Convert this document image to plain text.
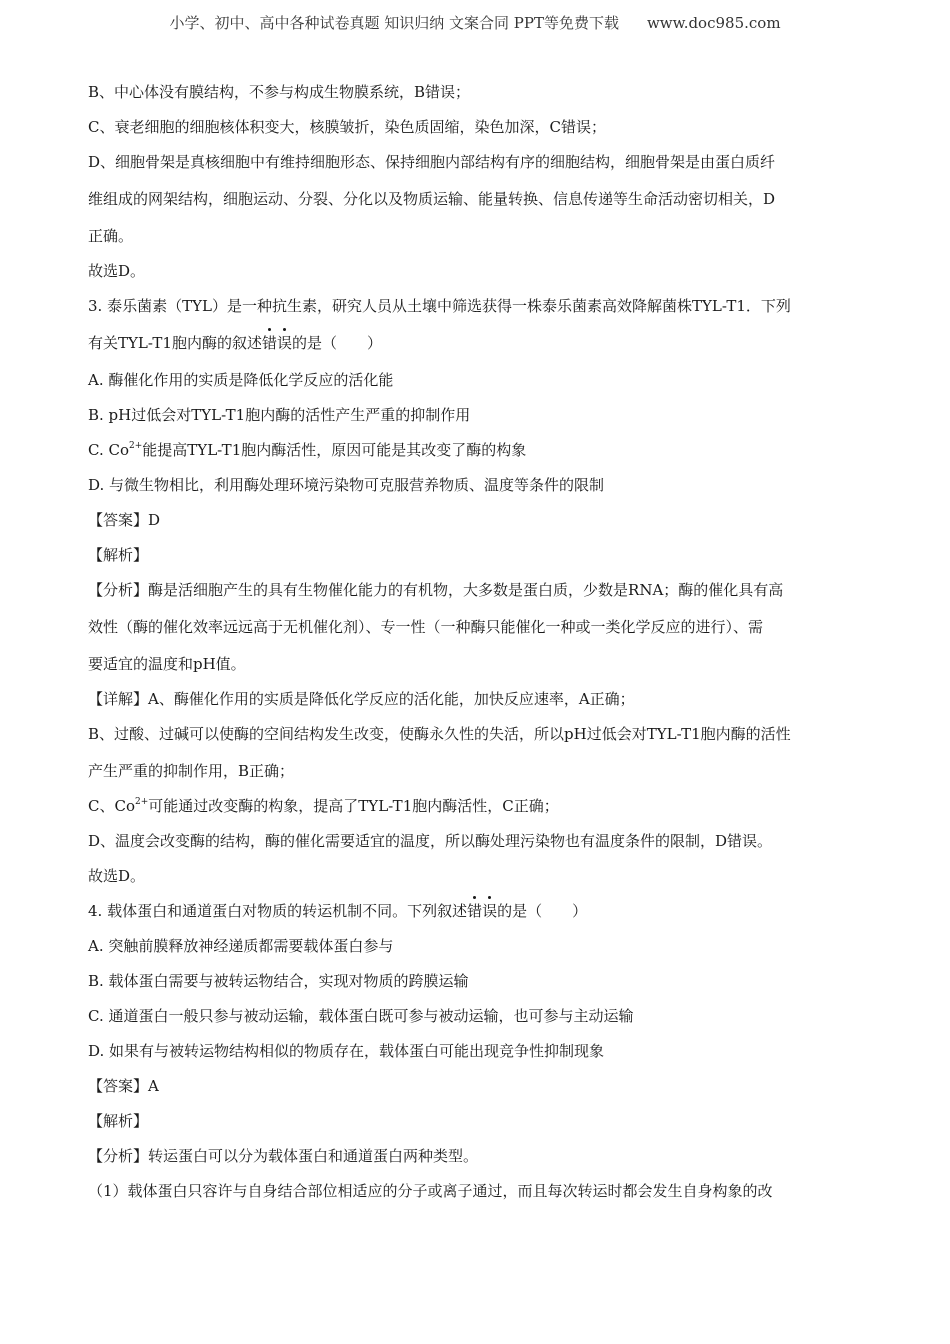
小学、初中、高中各种试卷真题 知识归纳 文案合同 PPT等免费下载 www.doc985.com
B、中心体没有膜结构，不参与构成生物膜系统，B错误；
C、衰老细胞的细胞核体积变大，核膜皱折，染色质固缩，染色加深，C错误；
D、细胞骨架是真核细胞中有维持细胞形态、保持细胞内部结构有序的细胞结构，细胞骨架是由蛋白质纤
维组成的网架结构，细胞运动、分裂、分化以及物质运输、能量转换、信息传递等生命活动密切相关，D
正确。
故选D。
3. 泰乐菌素（TYL）是一种抗生素，研究人员从土壤中筛选获得一株泰乐菌素高效降解菌株TYL-T1．下列
有关TYL-T1胞内酶的叙述错误的是（　　）
A. 酶催化作用的实质是降低化学反应的活化能
B. pH过低会对TYL-T1胞内酶的活性产生严重的抑制作用
C. $Co^{2+}$能提高TYL-T1胞内酶活性，原因可能是其改变了酶的构象
D. 与微生物相比，利用酶处理环境污染物可克服营养物质、温度等条件的限制
【答案】D
【解析】
【分析】酶是活细胞产生的具有生物催化能力的有机物，大多数是蛋白质，少数是RNA；酶的催化具有高
效性（酶的催化效率远远高于无机催化剂）、专一性（一种酶只能催化一种或一类化学反应的进行）、需
要适宜的温度和pH值。
【详解】A、酶催化作用的实质是降低化学反应的活化能，加快反应速率，A正确；
B、过酸、过碱可以使酶的空间结构发生改变，使酶永久性的失活，所以pH过低会对TYL-T1胞内酶的活性
产生严重的抑制作用，B正确；
C、$Co^{2+}$可能通过改变酶的构象，提高了TYL-T1胞内酶活性，C正确；
D、温度会改变酶的结构，酶的催化需要适宜的温度，所以酶处理污染物也有温度条件的限制，D错误。
故选D。
4. 载体蛋白和通道蛋白对物质的转运机制不同。下列叙述错误的是（　　）
A. 突触前膜释放神经递质都需要载体蛋白参与
B. 载体蛋白需要与被转运物结合，实现对物质的跨膜运输
C. 通道蛋白一般只参与被动运输，载体蛋白既可参与被动运输，也可参与主动运输
D. 如果有与被转运物结构相似的物质存在，载体蛋白可能出现竞争性抑制现象
【答案】A
【解析】
【分析】转运蛋白可以分为载体蛋白和通道蛋白两种类型。
（1）载体蛋白只容许与自身结合部位相适应的分子或离子通过，而且每次转运时都会发生自身构象的改
